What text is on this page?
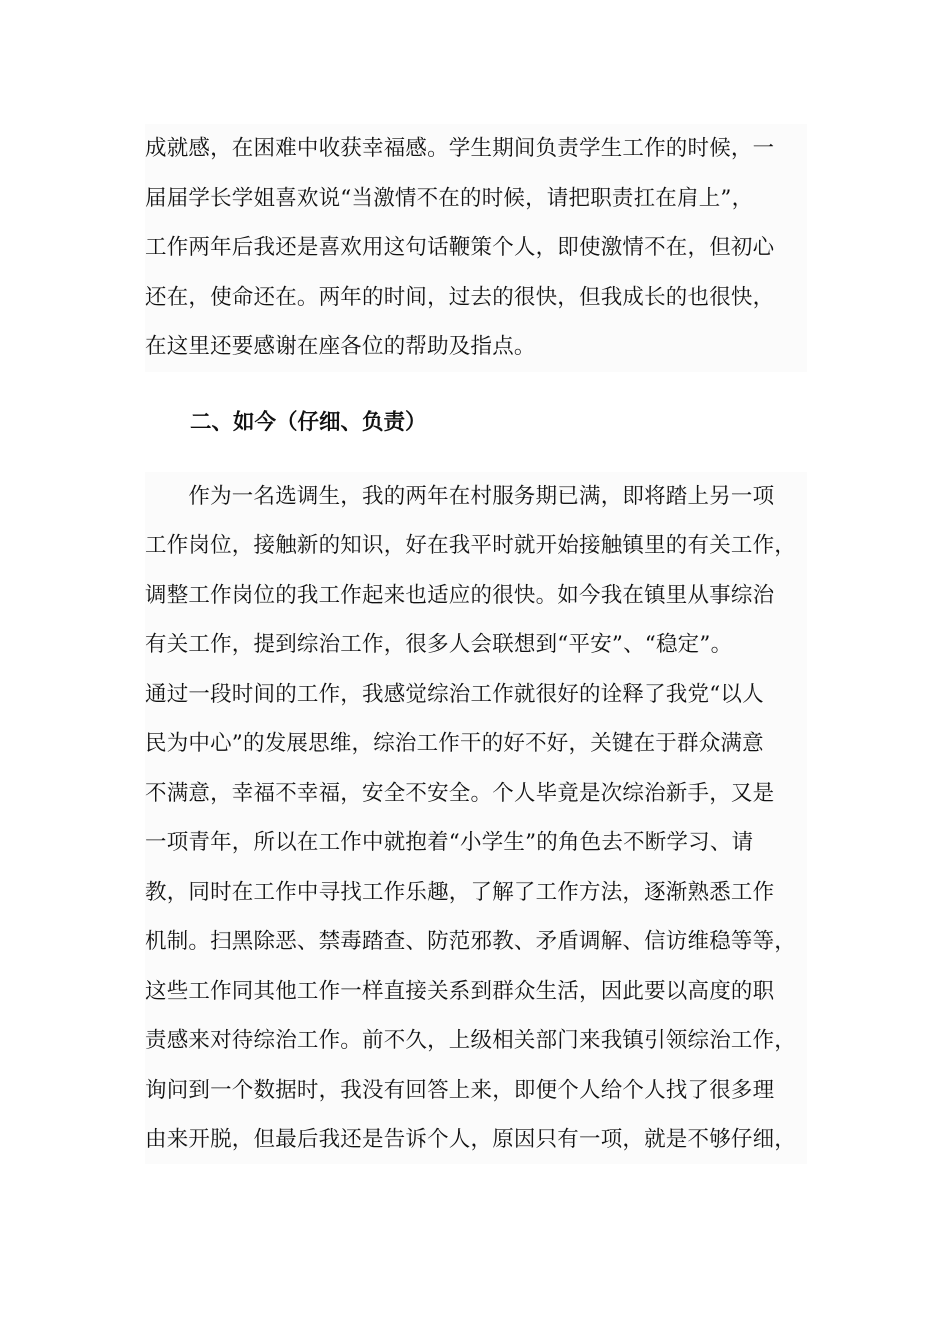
成就感，在困难中收获幸福感。学生期间负责学生工作的时候，一
届届学长学姐喜欢说“当激情不在的时候，请把职责扛在肩上”，
工作两年后我还是喜欢用这句话鞭策个人，即使激情不在，但初心
还在，使命还在。两年的时间，过去的很快，但我成长的也很快，
在这里还要感谢在座各位的帮助及指点。
二、如今（仔细、负责）
　　作为一名选调生，我的两年在村服务期已满，即将踏上另一项
工作岗位，接触新的知识，好在我平时就开始接触镇里的有关工作，
调整工作岗位的我工作起来也适应的很快。如今我在镇里从事综治
有关工作，提到综治工作，很多人会联想到“平安”、“稳定”。
通过一段时间的工作，我感觉综治工作就很好的诠释了我党“以人
民为中心”的发展思维，综治工作干的好不好，关键在于群众满意
不满意，幸福不幸福，安全不安全。个人毕竟是次综治新手，又是
一项青年，所以在工作中就抱着“小学生”的角色去不断学习、请
教，同时在工作中寻找工作乐趣，了解了工作方法，逐渐熟悉工作
机制。扫黑除恶、禁毒踏查、防范邪教、矛盾调解、信访维稳等等，
这些工作同其他工作一样直接关系到群众生活，因此要以高度的职
责感来对待综治工作。前不久，上级相关部门来我镇引领综治工作，
询问到一个数据时，我没有回答上来，即便个人给个人找了很多理
由来开脱，但最后我还是告诉个人，原因只有一项，就是不够仔细，
